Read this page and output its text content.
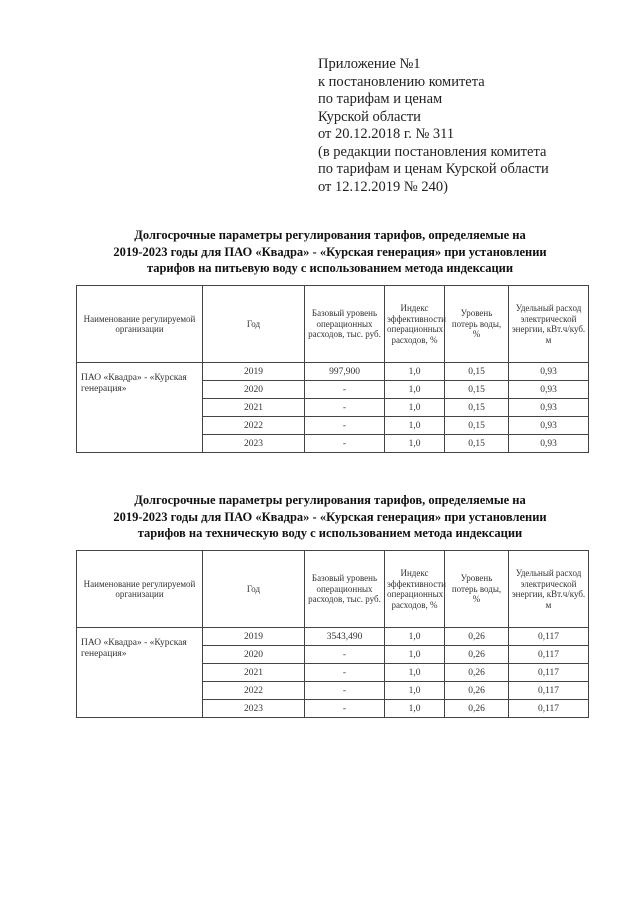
Приложение №1
к постановлению комитета
по тарифам и ценам
Курской области
от 20.12.2018 г. № 311
(в редакции постановления комитета
по тарифам и ценам Курской области
от 12.12.2019 № 240)
Долгосрочные параметры регулирования тарифов, определяемые на
2019-2023 годы для ПАО «Квадра» - «Курская генерация» при установлении
тарифов на питьевую воду с использованием метода индексации
Наименование регулируемой организации	Год	Базовый уровень операционных расходов, тыс. руб.	Индекс эффективности операционных расходов, %	Уровень потерь воды, %	Удельный расход электрической энергии, кВт.ч/куб. м
ПАО «Квадра» - «Курская генерация»	2019	997,900	1,0	0,15	0,93
	2020	-	1,0	0,15	0,93
	2021	-	1,0	0,15	0,93
	2022	-	1,0	0,15	0,93
	2023	-	1,0	0,15	0,93
Долгосрочные параметры регулирования тарифов, определяемые на
2019-2023 годы для ПАО «Квадра» - «Курская генерация» при установлении
тарифов на техническую воду с использованием метода индексации
Наименование регулируемой организации	Год	Базовый уровень операционных расходов, тыс. руб.	Индекс эффективности операционных расходов, %	Уровень потерь воды, %	Удельный расход электрической энергии, кВт.ч/куб. м
ПАО «Квадра» - «Курская генерация»	2019	3543,490	1,0	0,26	0,117
	2020	-	1,0	0,26	0,117
	2021	-	1,0	0,26	0,117
	2022	-	1,0	0,26	0,117
	2023	-	1,0	0,26	0,117
